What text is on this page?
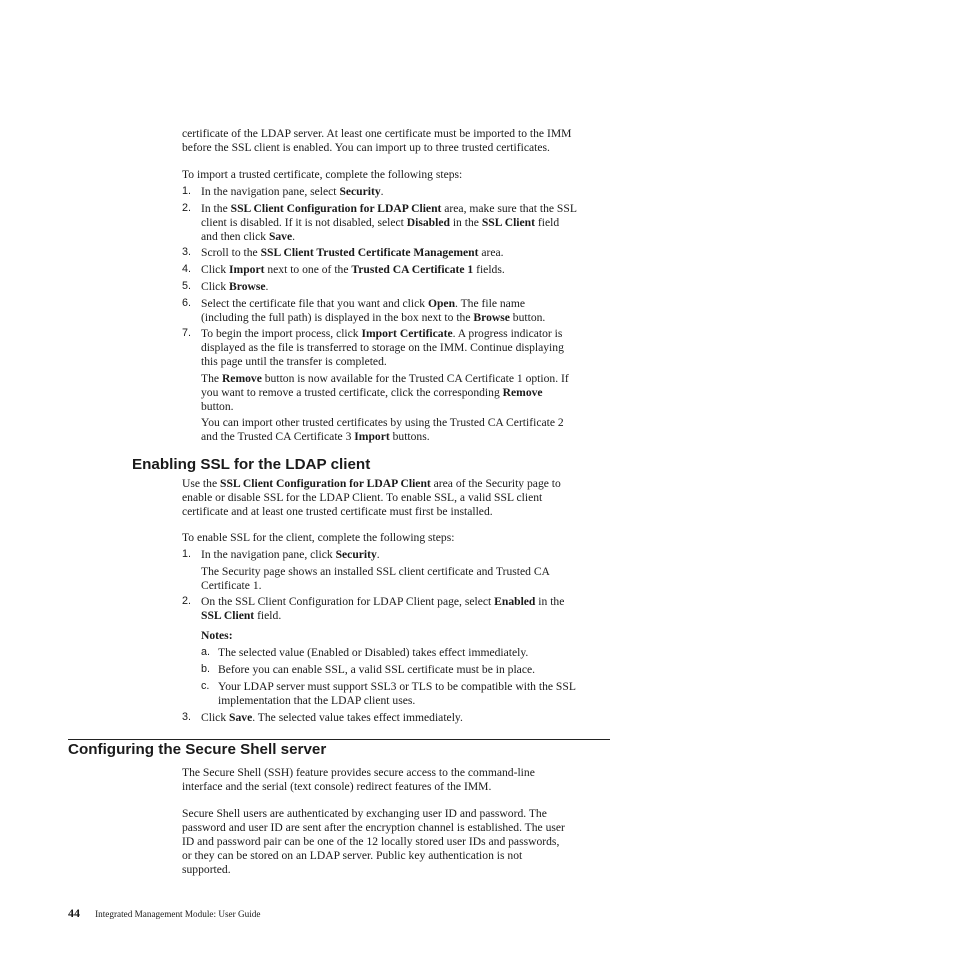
certificate of the LDAP server. At least one certificate must be imported to the IMM
before the SSL client is enabled. You can import up to three trusted certificates.

To import a trusted certificate, complete the following steps:

1. In the navigation pane, select Security.
2. In the SSL Client Configuration for LDAP Client area, make sure that the SSL
client is disabled. If it is not disabled, select Disabled in the SSL Client field
and then click Save.
3. Scroll to the SSL Client Trusted Certificate Management area.
4. Click Import next to one of the Trusted CA Certificate 1 fields.
5. Click Browse.
6. Select the certificate file that you want and click Open. The file name
(including the full path) is displayed in the box next to the Browse button.
7. To begin the import process, click Import Certificate. A progress indicator is
displayed as the file is transferred to storage on the IMM. Continue displaying
this page until the transfer is completed.

The Remove button is now available for the Trusted CA Certificate 1 option. If
you want to remove a trusted certificate, click the corresponding Remove
button.

You can import other trusted certificates by using the Trusted CA Certificate 2
and the Trusted CA Certificate 3 Import buttons.

Enabling SSL for the LDAP client

Use the SSL Client Configuration for LDAP Client area of the Security page to
enable or disable SSL for the LDAP Client. To enable SSL, a valid SSL client
certificate and at least one trusted certificate must first be installed.

To enable SSL for the client, complete the following steps:

1. In the navigation pane, click Security.

The Security page shows an installed SSL client certificate and Trusted CA
Certificate 1.

2. On the SSL Client Configuration for LDAP Client page, select Enabled in the
SSL Client field.

Notes:

a. The selected value (Enabled or Disabled) takes effect immediately.
b. Before you can enable SSL, a valid SSL certificate must be in place.
c. Your LDAP server must support SSL3 or TLS to be compatible with the SSL
implementation that the LDAP client uses.
3. Click Save. The selected value takes effect immediately.
Configuring the Secure Shell server

The Secure Shell (SSH) feature provides secure access to the command-line
interface and the serial (text console) redirect features of the IMM.

Secure Shell users are authenticated by exchanging user ID and password. The
password and user ID are sent after the encryption channel is established. The user
ID and password pair can be one of the 12 locally stored user IDs and passwords,
or they can be stored on an LDAP server. Public key authentication is not
supported.

44 Integrated Management Module: User Guide
